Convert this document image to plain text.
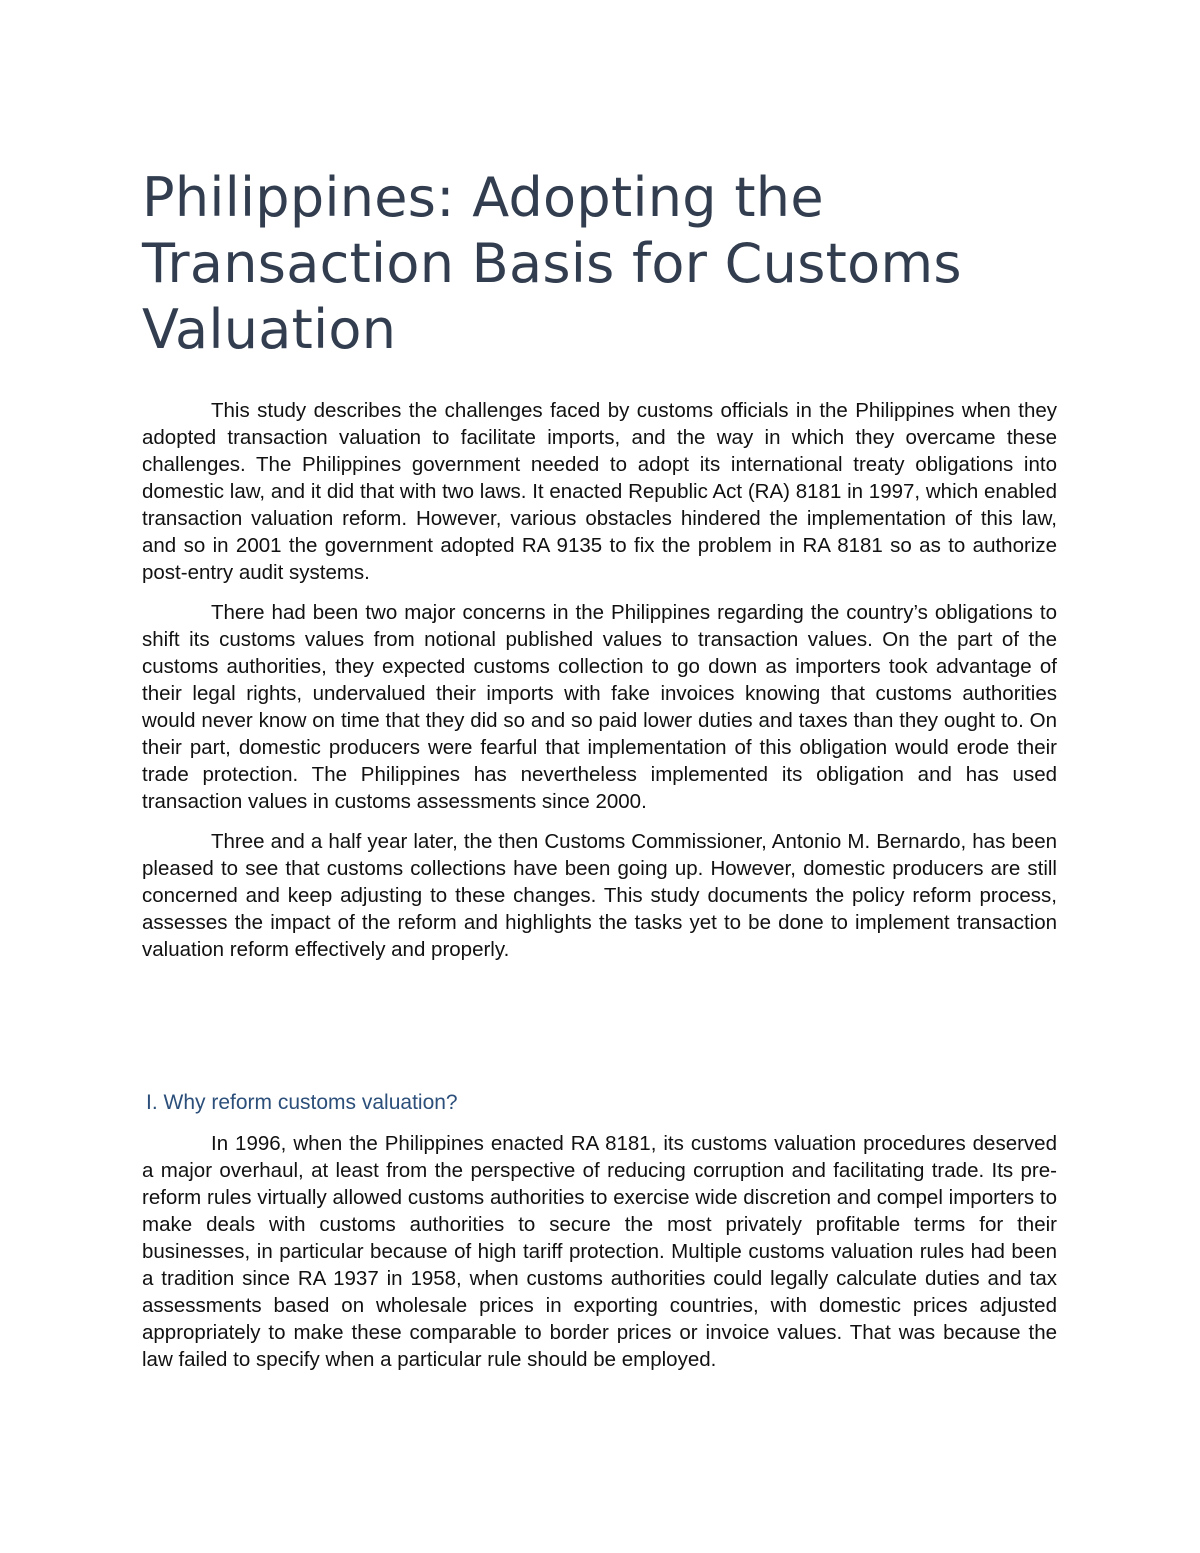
Philippines: Adopting the Transaction Basis for Customs Valuation

This study describes the challenges faced by customs officials in the Philippines when they adopted transaction valuation to facilitate imports, and the way in which they overcame these challenges. The Philippines government needed to adopt its international treaty obligations into domestic law, and it did that with two laws. It enacted Republic Act (RA) 8181 in 1997, which enabled transaction valuation reform. However, various obstacles hindered the implementation of this law, and so in 2001 the government adopted RA 9135 to fix the problem in RA 8181 so as to authorize post-entry audit systems.

There had been two major concerns in the Philippines regarding the country’s obligations to shift its customs values from notional published values to transaction values. On the part of the customs authorities, they expected customs collection to go down as importers took advantage of their legal rights, undervalued their imports with fake invoices knowing that customs authorities would never know on time that they did so and so paid lower duties and taxes than they ought to. On their part, domestic producers were fearful that implementation of this obligation would erode their trade protection. The Philippines has nevertheless implemented its obligation and has used transaction values in customs assessments since 2000.

Three and a half year later, the then Customs Commissioner, Antonio M. Bernardo, has been pleased to see that customs collections have been going up. However, domestic producers are still concerned and keep adjusting to these changes. This study documents the policy reform process, assesses the impact of the reform and highlights the tasks yet to be done to implement transaction valuation reform effectively and properly.

I. Why reform customs valuation?

In 1996, when the Philippines enacted RA 8181, its customs valuation procedures deserved a major overhaul, at least from the perspective of reducing corruption and facilitating trade. Its pre-reform rules virtually allowed customs authorities to exercise wide discretion and compel importers to make deals with customs authorities to secure the most privately profitable terms for their businesses, in particular because of high tariff protection. Multiple customs valuation rules had been a tradition since RA 1937 in 1958, when customs authorities could legally calculate duties and tax assessments based on wholesale prices in exporting countries, with domestic prices adjusted appropriately to make these comparable to border prices or invoice values. That was because the law failed to specify when a particular rule should be employed.
